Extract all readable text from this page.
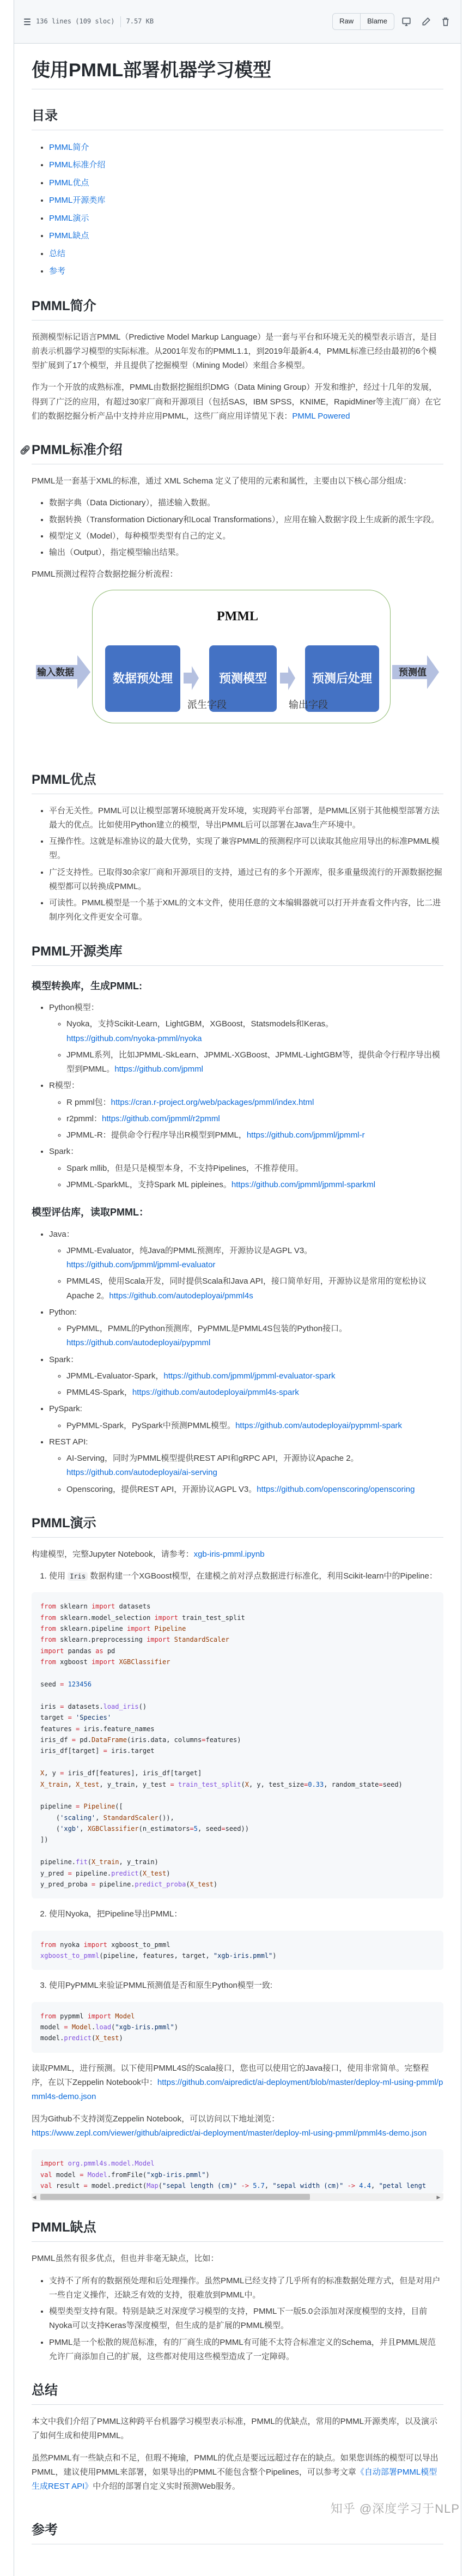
136 lines (109 sloc) 7.57 KB	Raw	Blame
使用PMML部署机器学习模型
目录
• PMML简介
• PMML标准介绍
• PMML优点
• PMML开源类库
• PMML演示
• PMML缺点
• 总结
• 参考
PMML简介

预测模型标记语言PMML（Predictive Model Markup Language）是一套与平台和环境无关的模型表示语言，是目前表示机器学习模型的实际标准。从2001年发布的PMML1.1，到2019年最新4.4，PMML标准已经由最初的6个模型扩展到了17个模型，并且提供了挖掘模型（Mining Model）来组合多模型。

作为一个开放的成熟标准，PMML由数据挖掘组织DMG（Data Mining Group）开发和维护，经过十几年的发展，得到了广泛的应用，有超过30家厂商和开源项目（包括SAS，IBM SPSS，KNIME，RapidMiner等主流厂商）在它们的数据挖掘分析产品中支持并应用PMML，这些厂商应用详情见下表：PMML Powered

🔗︎ PMML标准介绍

PMML是一套基于XML的标准，通过 XML Schema 定义了使用的元素和属性，主要由以下核心部分组成：

• 数据字典（Data Dictionary），描述输入数据。
• 数据转换（Transformation Dictionary和Local Transformations），应用在输入数据字段上生成新的派生字段。
• 模型定义（Model），每种模型类型有自己的定义。
• 输出（Output），指定模型输出结果。

PMML预测过程符合数据挖掘分析流程：

PMML
输入数据	数据预处理	预测模型	预测后处理	预测值
派生字段	输出字段
PMML优点
• 平台无关性。PMML可以让模型部署环境脱离开发环境，实现跨平台部署，是PMML区别于其他模型部署方法最大的优点。比如使用Python建立的模型，导出PMML后可以部署在Java生产环境中。
• 互操作性。这就是标准协议的最大优势，实现了兼容PMML的预测程序可以读取其他应用导出的标准PMML模型。
• 广泛支持性。已取得30余家厂商和开源项目的支持，通过已有的多个开源库，很多重量级流行的开源数据挖掘模型都可以转换成PMML。
• 可读性。PMML模型是一个基于XML的文本文件，使用任意的文本编辑器就可以打开并查看文件内容，比二进制序列化文件更安全可靠。
PMML开源类库
模型转换库，生成PMML:
• Python模型：
◦ Nyoka，支持Scikit-Learn，LightGBM，XGBoost，Statsmodels和Keras。
https://github.com/nyoka-pmml/nyoka
◦ JPMML系列，比如JPMML-SkLearn、JPMML-XGBoost、JPMML-LightGBM等，提供命令行程序导出模型到PMML。https://github.com/jpmml
• R模型：
◦ R pmml包：https://cran.r-project.org/web/packages/pmml/index.html
◦ r2pmml：https://github.com/jpmml/r2pmml
◦ JPMML-R：提供命令行程序导出R模型到PMML，https://github.com/jpmml/jpmml-r
• Spark：
◦ Spark mllib，但是只是模型本身，不支持Pipelines，不推荐使用。
◦ JPMML-SparkML，支持Spark ML pipleines。https://github.com/jpmml/jpmml-sparkml
模型评估库，读取PMML：
• Java：
◦ JPMML-Evaluator，纯Java的PMML预测库，开源协议是AGPL V3。
https://github.com/jpmml/jpmml-evaluator
◦ PMML4S，使用Scala开发，同时提供Scala和Java API，接口简单好用，开源协议是常用的宽松协议Apache 2。https://github.com/autodeployai/pmml4s
• Python:
◦ PyPMML，PMML的Python预测库，PyPMML是PMML4S包装的Python接口。
https://github.com/autodeployai/pypmml
• Spark：
◦ JPMML-Evaluator-Spark，https://github.com/jpmml/jpmml-evaluator-spark
◦ PMML4S-Spark，https://github.com/autodeployai/pmml4s-spark
• PySpark:
◦ PyPMML-Spark，PySpark中预测PMML模型。https://github.com/autodeployai/pypmml-spark
• REST API:
◦ AI-Serving，同时为PMML模型提供REST API和gRPC API，开源协议Apache 2。
https://github.com/autodeployai/ai-serving
◦ Openscoring，提供REST API，开源协议AGPL V3。https://github.com/openscoring/openscoring
PMML演示

构建模型，完整Jupyter Notebook，请参考：xgb-iris-pmml.ipynb

1. 使用 Iris 数据构建一个XGBoost模型，在建模之前对浮点数据进行标准化，利用Scikit-learn中的Pipeline：
from sklearn import datasets
from sklearn.model_selection import train_test_split
from sklearn.pipeline import Pipeline
from sklearn.preprocessing import StandardScaler
import pandas as pd
from xgboost import XGBClassifier

seed = 123456

iris = datasets.load_iris()
target = 'Species'
features = iris.feature_names
iris_df = pd.DataFrame(iris.data, columns=features)
iris_df[target] = iris.target

X, y = iris_df[features], iris_df[target]
X_train, X_test, y_train, y_test = train_test_split(X, y, test_size=0.33, random_state=seed)

pipeline = Pipeline([
('scaling', StandardScaler()),
('xgb', XGBClassifier(n_estimators=5, seed=seed))
])

pipeline.fit(X_train, y_train)
y_pred = pipeline.predict(X_test)
y_pred_proba = pipeline.predict_proba(X_test)
2. 使用Nyoka，把Pipeline导出PMML：
from nyoka import xgboost_to_pmml
xgboost_to_pmml(pipeline, features, target, "xgb-iris.pmml")
3. 使用PyPMML来验证PMML预测值是否和原生Python模型一致:
from pypmml import Model
model = Model.load("xgb-iris.pmml")
model.predict(X_test)

读取PMML，进行预测。以下使用PMML4S的Scala接口，您也可以使用它的Java接口，使用非常简单。完整程序，在以下Zeppelin Notebook中：https://github.com/aipredict/ai-deployment/blob/master/deploy-ml-using-pmml/pmml4s-demo.json

因为Github不支持浏览Zeppelin Notebook，可以访问以下地址浏览：
https://www.zepl.com/viewer/github/aipredict/ai-deployment/master/deploy-ml-using-pmml/pmml4s-demo.json

import org.pmml4s.model.Model
val model = Model.fromFile("xgb-iris.pmml")
val result = model.predict(Map("sepal length (cm)" -> 5.7, "sepal width (cm)" -> 4.4, "petal lengt
◀	▶
PMML缺点

PMML虽然有很多优点，但也并非毫无缺点，比如：

• 支持不了所有的数据预处理和后处理操作。虽然PMML已经支持了几乎所有的标准数据处理方式，但是对用户一些自定义操作，还缺乏有效的支持，很难放到PMML中。
• 模型类型支持有限。特别是缺乏对深度学习模型的支持，PMML下一版5.0会添加对深度模型的支持，目前Nyoka可以支持Keras等深度模型，但生成的是扩展的PMML模型。
• PMML是一个松散的规范标准，有的厂商生成的PMML有可能不太符合标准定义的Schema，并且PMML规范允许厂商添加自己的扩展，这些都对使用这些模型造成了一定障碍。
总结

本文中我们介绍了PMML这种跨平台机器学习模型表示标准，PMML的优缺点，常用的PMML开源类库，以及演示了如何生成和使用PMML。

虽然PMML有一些缺点和不足，但瑕不掩瑜，PMML的优点是要远远超过存在的缺点。如果您训练的模型可以导出PMML，建议使用PMML来部署，如果导出的PMML不能包含整个Pipelines，可以参考文章《自动部署PMML模型生成REST API》中介绍的部署自定义实时预测Web服务。

知乎 @深度学习于NLP
参考
